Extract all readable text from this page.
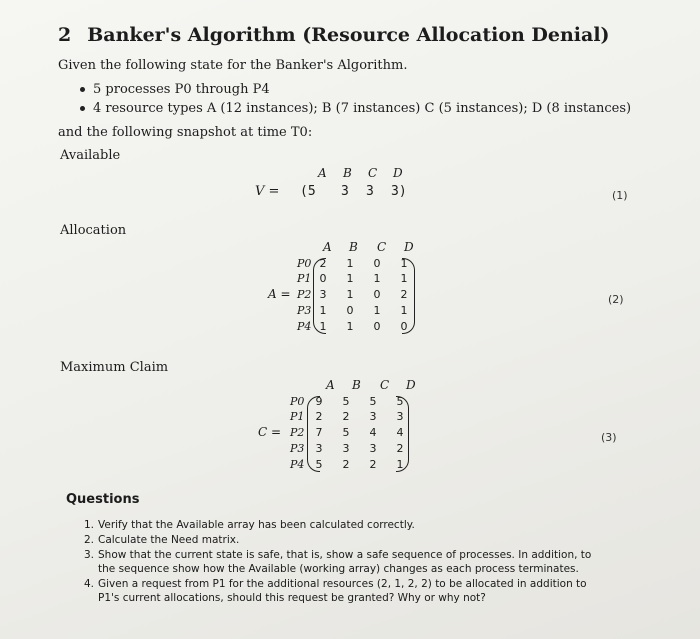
2 Banker's Algorithm (Resource Allocation Denial)
Given the following state for the Banker's Algorithm.
5 processes P0 through P4
4 resource types A (12 instances); B (7 instances) C (5 instances); D (8 instances)
and the following snapshot at time T0:
Available
A B C D
V = (5 3 3 3)	(1)
Allocation
A B C D
A =
P0 2	1	0	1
P1 0	1	1	1
P2 3	1	0	2
P3 1	0	1	1
P4 1	1	0	0
(2)
Maximum Claim
A B C D
C =
P0	9	5	5	5
P1	2	2	3	3
P2	7	5	4	4
P3	3	3	3	2
P4	5	2	2	1
(3)
Questions
1. Verify that the Available array has been calculated correctly.
2. Calculate the Need matrix.
3. Show that the current state is safe, that is, show a safe sequence of processes. In addition, to
the sequence show how the Available (working array) changes as each process terminates.
4. Given a request from P1 for the additional resources (2, 1, 2, 2) to be allocated in addition to
P1's current allocations, should this request be granted? Why or why not?
